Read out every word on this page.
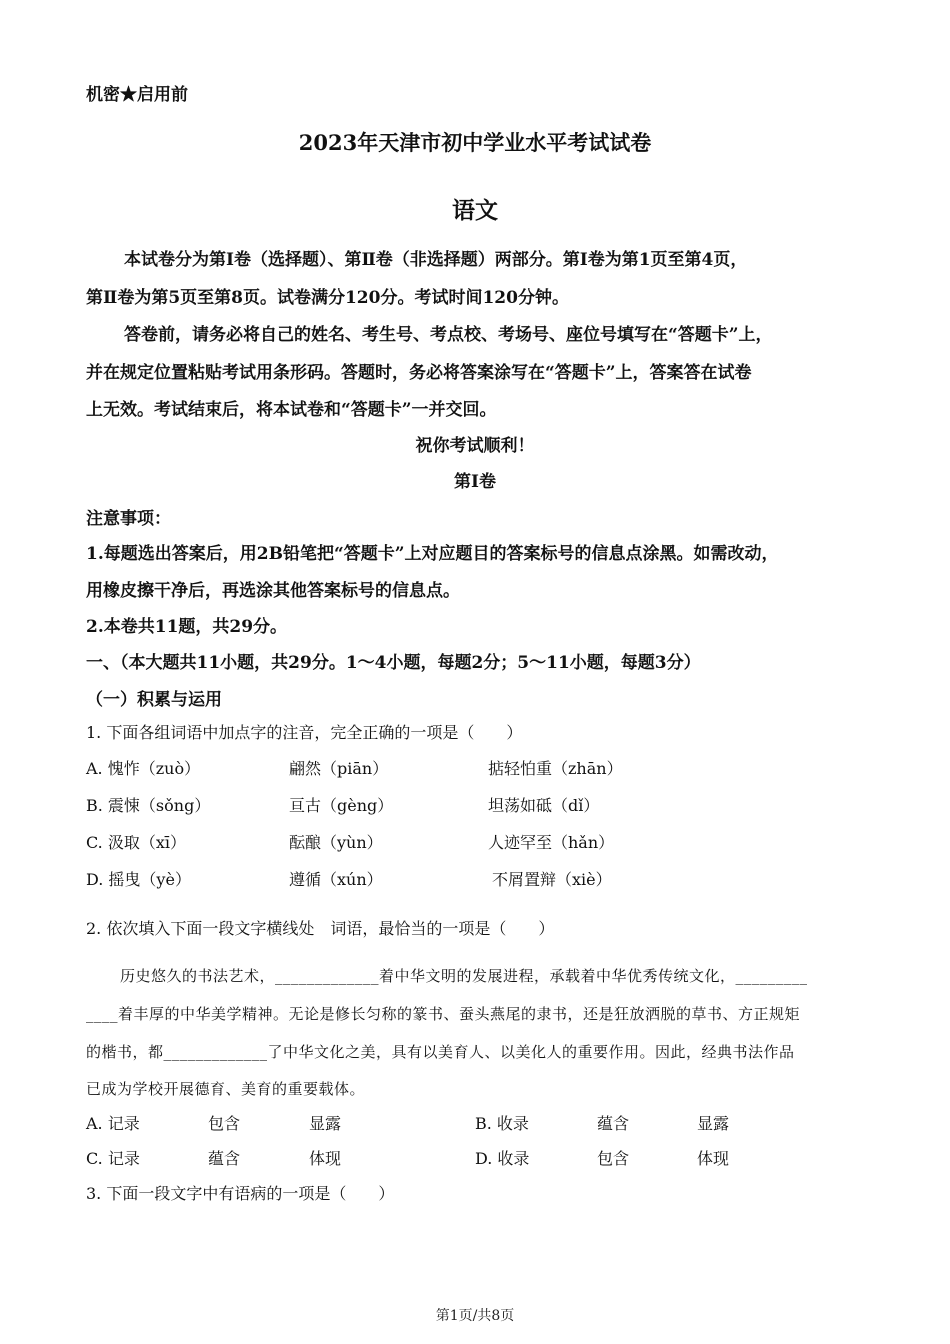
机密★启用前
2023年天津市初中学业水平考试试卷
语文
本试卷分为第Ⅰ卷（选择题）、第Ⅱ卷（非选择题）两部分。第Ⅰ卷为第1页至第4页，
第Ⅱ卷为第5页至第8页。试卷满分120分。考试时间120分钟。
答卷前，请务必将自己的姓名、考生号、考点校、考场号、座位号填写在“答题卡”上，
并在规定位置粘贴考试用条形码。答题时，务必将答案涂写在“答题卡”上，答案答在试卷
上无效。考试结束后，将本试卷和“答题卡”一并交回。
祝你考试顺利！
第Ⅰ卷
注意事项：
1.每题选出答案后，用2B铅笔把“答题卡”上对应题目的答案标号的信息点涂黑。如需改动，
用橡皮擦干净后，再选涂其他答案标号的信息点。
2.本卷共11题，共29分。
一、（本大题共11小题，共29分。1～4小题，每题2分；5～11小题，每题3分）
（一）积累与运用
1. 下面各组词语中加点字的注音，完全正确的一项是（　　）
A. 愧怍（zuò）	翩然（piān）	掂轻怕重（zhān）
B. 震悚（sǒng）	亘古（gèng）	坦荡如砥（dǐ）
C. 汲取（xī）	酝酿（yùn）	人迹罕至（hǎn）
D. 摇曳（yè）	遵循（xún）	不屑置辩（xiè）
2. 依次填入下面一段文字横线处　词语，最恰当的一项是（　　）
历史悠久的书法艺术，_____________着中华文明的发展进程，承载着中华优秀传统文化，_________
____着丰厚的中华美学精神。无论是修长匀称的篆书、蚕头燕尾的隶书，还是狂放洒脱的草书、方正规矩
的楷书，都_____________了中华文化之美，具有以美育人、以美化人的重要作用。因此，经典书法作品
已成为学校开展德育、美育的重要载体。
A. 记录	包含	显露	B. 收录	蕴含	显露
C. 记录	蕴含	体现	D. 收录	包含	体现
3. 下面一段文字中有语病的一项是（　　）
第1页/共8页
